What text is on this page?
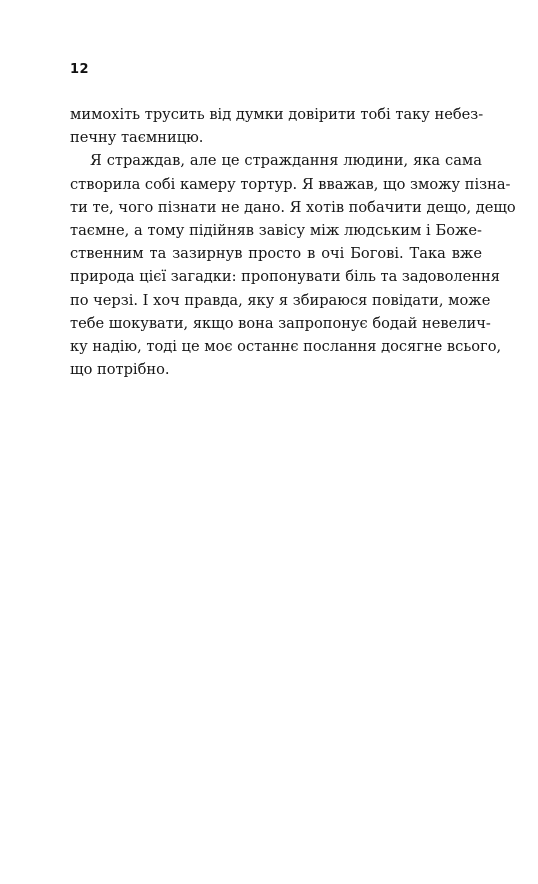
12
мимохіть трусить від думки довірити тобі таку небез-
печну таємницю.
Я страждав, але це страждання людини, яка сама
створила собі камеру тортур. Я вважав, що зможу пізна-
ти те, чого пізнати не дано. Я хотів побачити дещо, дещо
таємне, а тому підійняв завісу між людським і Боже-
ственним та зазирнув просто в очі Богові. Така вже
природа цієї загадки: пропонувати біль та задоволення
по черзі. І хоч правда, яку я збираюся повідати, може
тебе шокувати, якщо вона запропонує бодай невелич-
ку надію, тоді це моє останнє послання досягне всього,
що потрібно.
